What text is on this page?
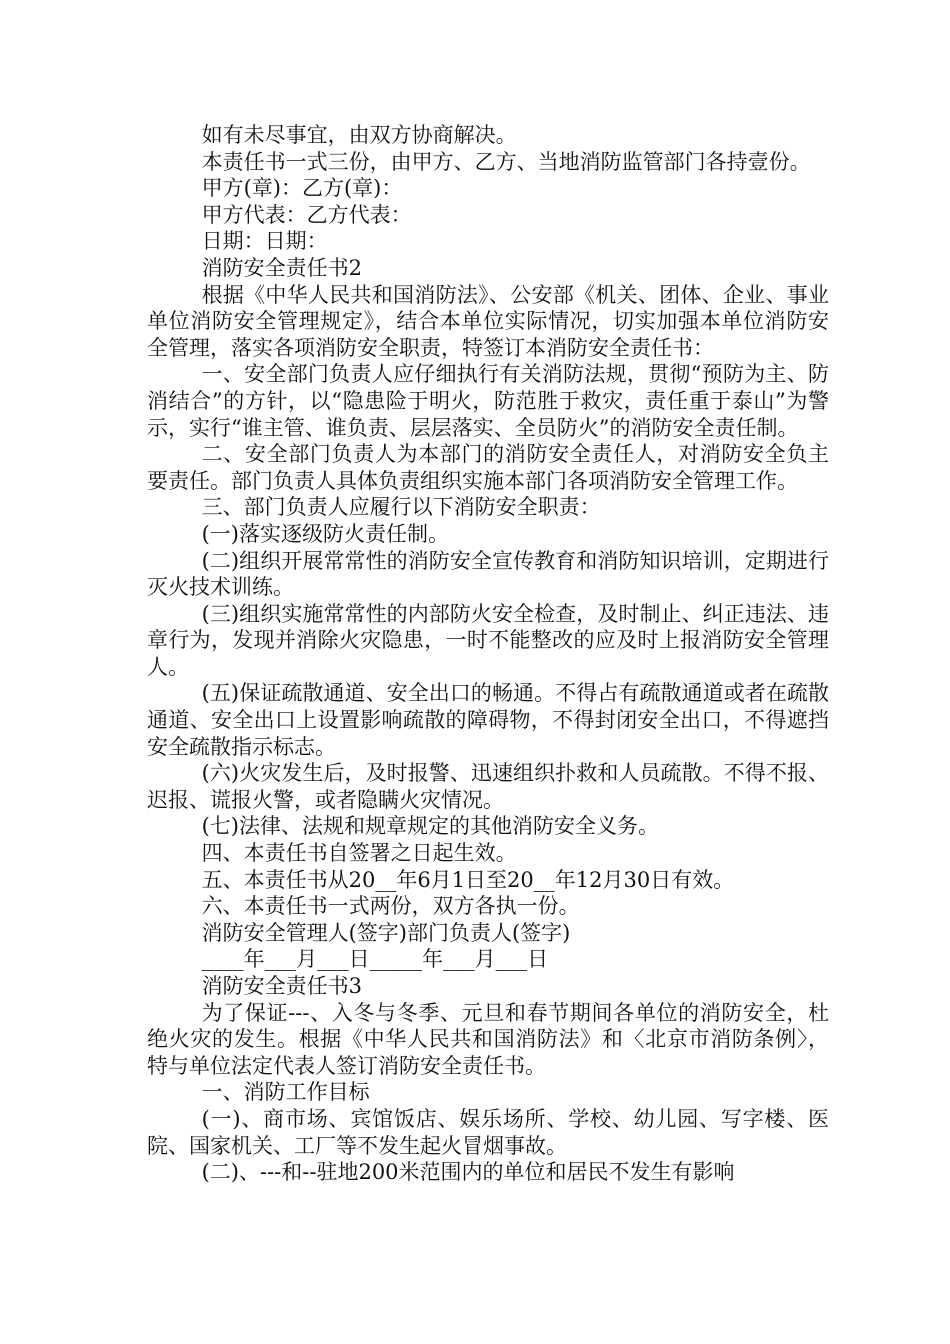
如有未尽事宜，由双方协商解决。

本责任书一式三份，由甲方、乙方、当地消防监管部门各持壹份。

甲方(章)：乙方(章)：

甲方代表：乙方代表：

日期：日期：

消防安全责任书2

根据《中华人民共和国消防法》、公安部《机关、团体、企业、事业单位消防安全管理规定》，结合本单位实际情况，切实加强本单位消防安全管理，落实各项消防安全职责，特签订本消防安全责任书：

一、安全部门负责人应仔细执行有关消防法规，贯彻“预防为主、防消结合”的方针，以“隐患险于明火，防范胜于救灾，责任重于泰山”为警示，实行“谁主管、谁负责、层层落实、全员防火”的消防安全责任制。

二、安全部门负责人为本部门的消防安全责任人，对消防安全负主要责任。部门负责人具体负责组织实施本部门各项消防安全管理工作。

三、部门负责人应履行以下消防安全职责：

(一)落实逐级防火责任制。

(二)组织开展常常性的消防安全宣传教育和消防知识培训，定期进行灭火技术训练。

(三)组织实施常常性的内部防火安全检查，及时制止、纠正违法、违章行为，发现并消除火灾隐患，一时不能整改的应及时上报消防安全管理人。

(五)保证疏散通道、安全出口的畅通。不得占有疏散通道或者在疏散通道、安全出口上设置影响疏散的障碍物，不得封闭安全出口，不得遮挡安全疏散指示标志。

(六)火灾发生后，及时报警、迅速组织扑救和人员疏散。不得不报、迟报、谎报火警，或者隐瞒火灾情况。

(七)法律、法规和规章规定的其他消防安全义务。

四、本责任书自签署之日起生效。

五、本责任书从20__年6月1日至20__年12月30日有效。

六、本责任书一式两份，双方各执一份。

消防安全管理人(签字)部门负责人(签字)

____年___月___日_____年___月___日

消防安全责任书3

为了保证---、入冬与冬季、元旦和春节期间各单位的消防安全，杜绝火灾的发生。根据《中华人民共和国消防法》和〈北京市消防条例〉，特与单位法定代表人签订消防安全责任书。

一、消防工作目标

(一)、商市场、宾馆饭店、娱乐场所、学校、幼儿园、写字楼、医院、国家机关、工厂等不发生起火冒烟事故。

(二)、---和--驻地200米范围内的单位和居民不发生有影响
